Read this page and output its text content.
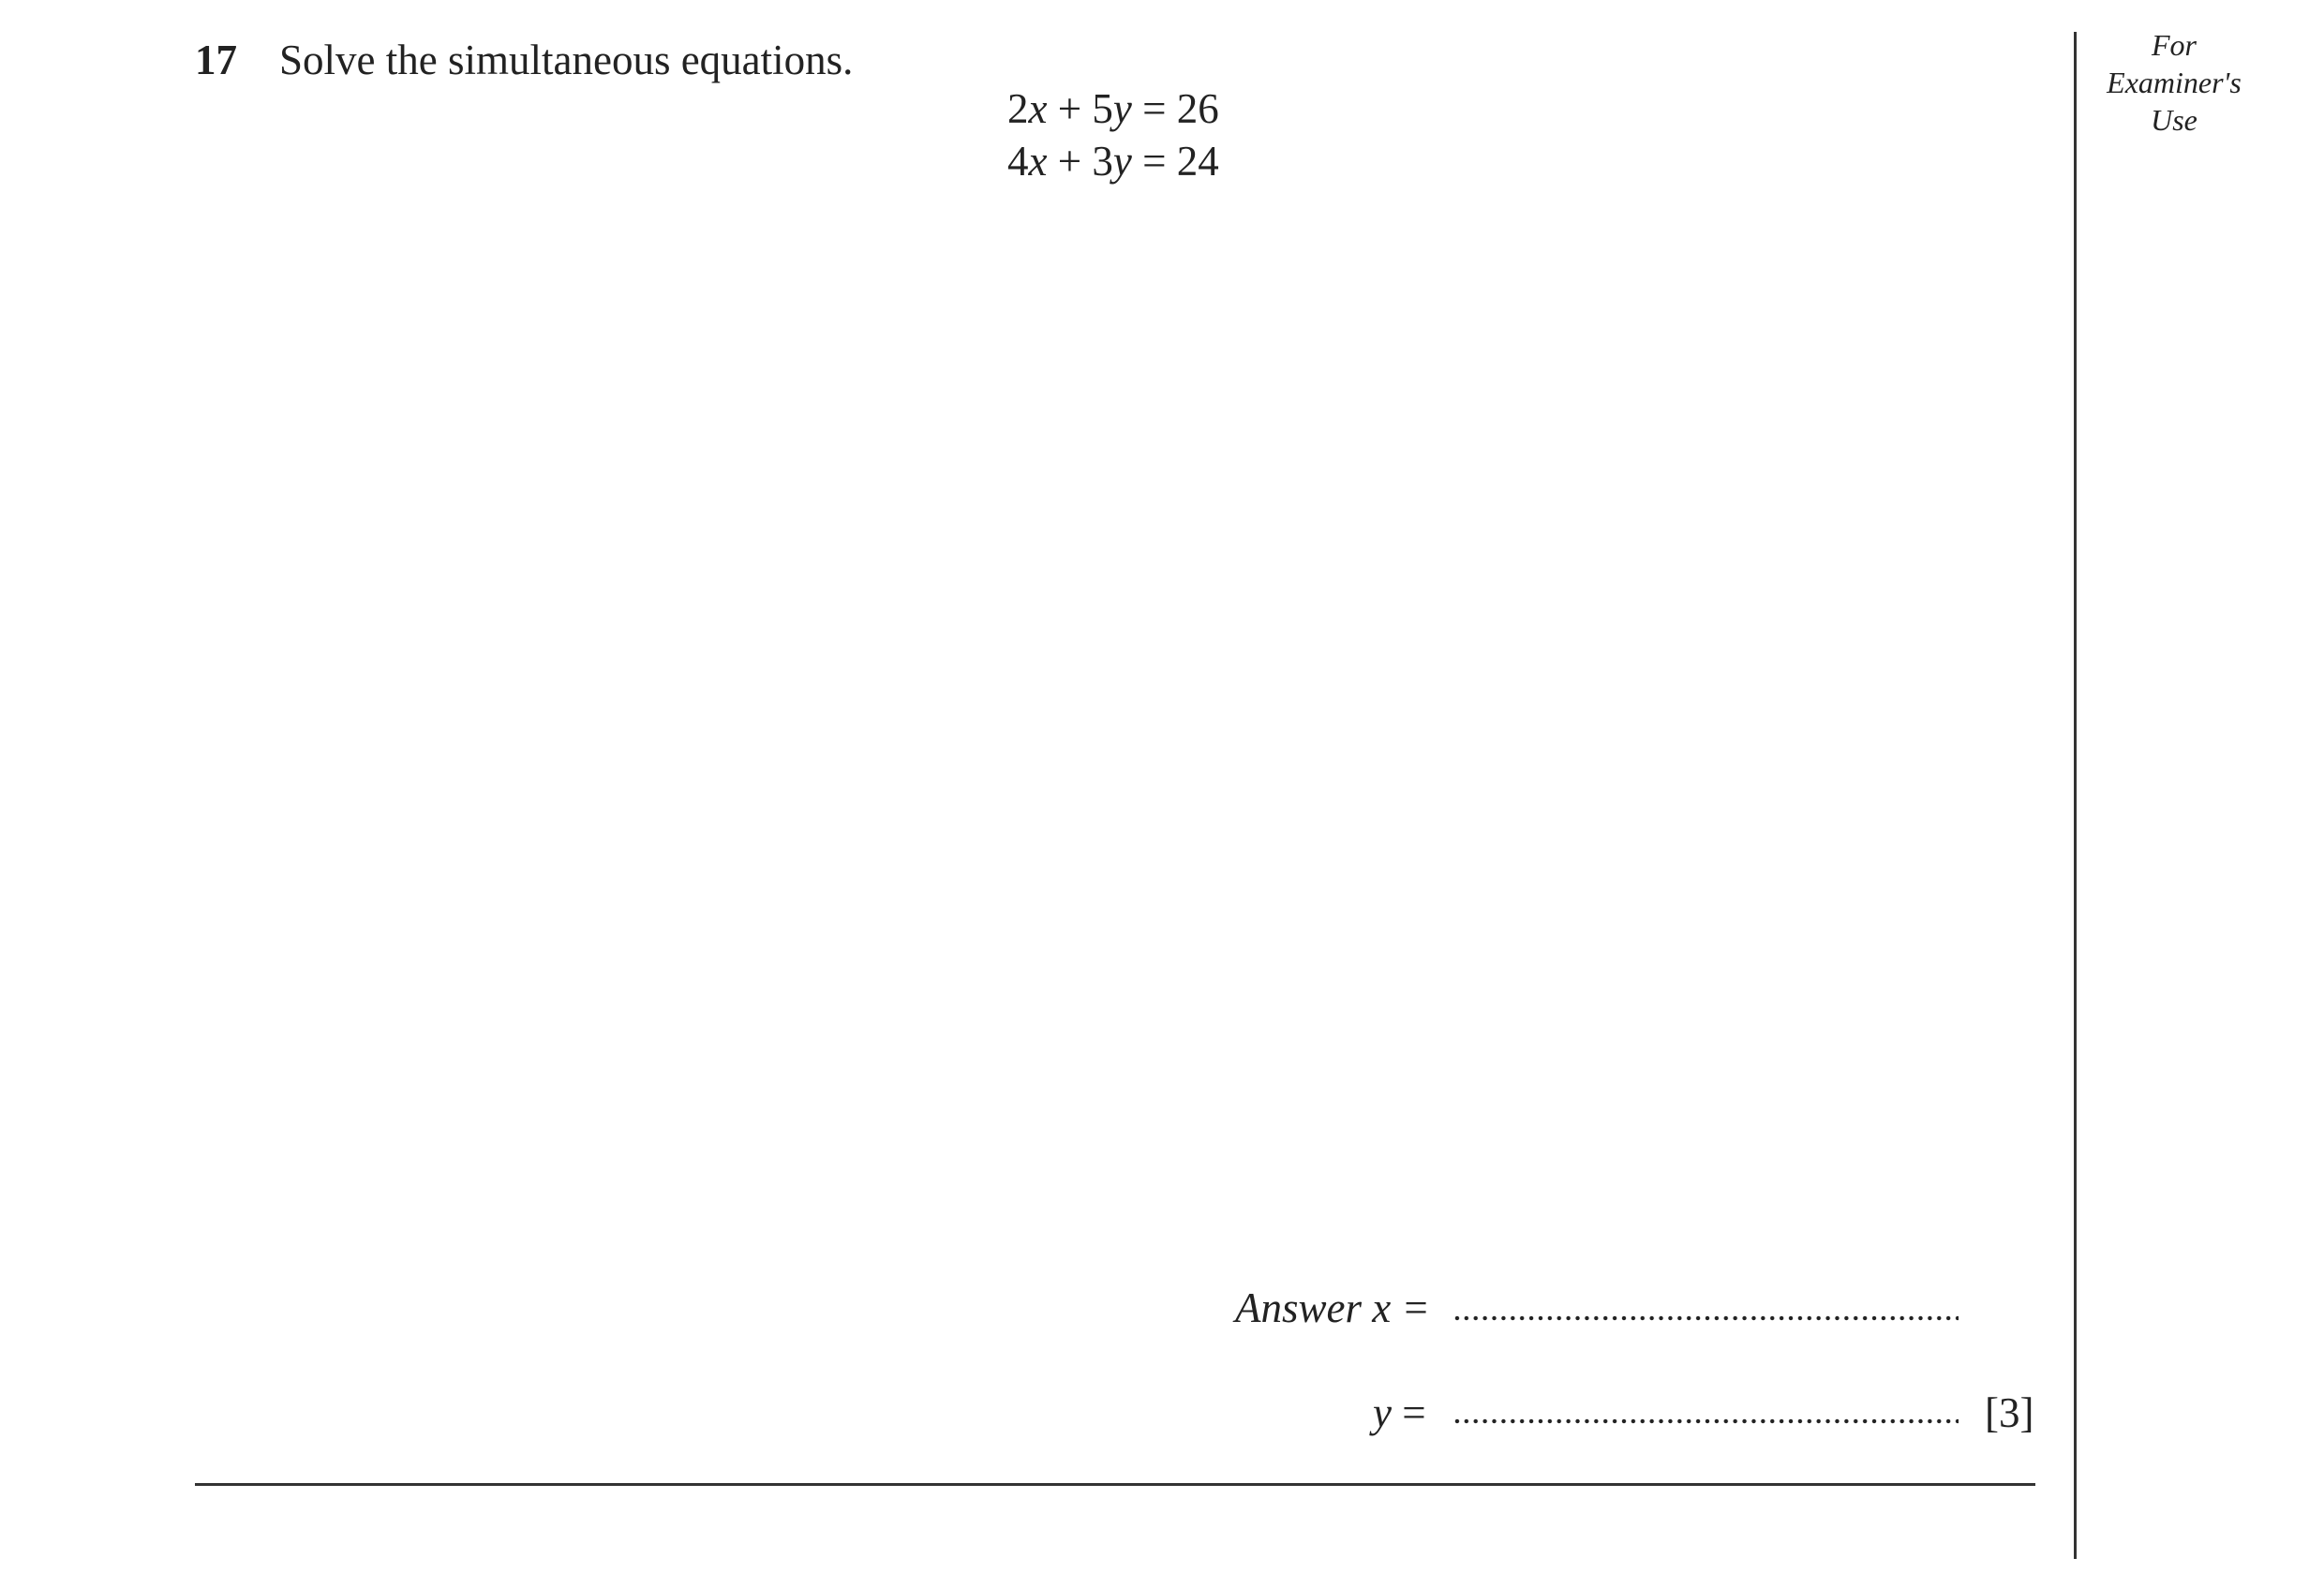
17 Solve the simultaneous equations.
2x + 5y = 26
4x + 3y = 24
For
Examiner's
Use
Answer x =
y =	[3]
